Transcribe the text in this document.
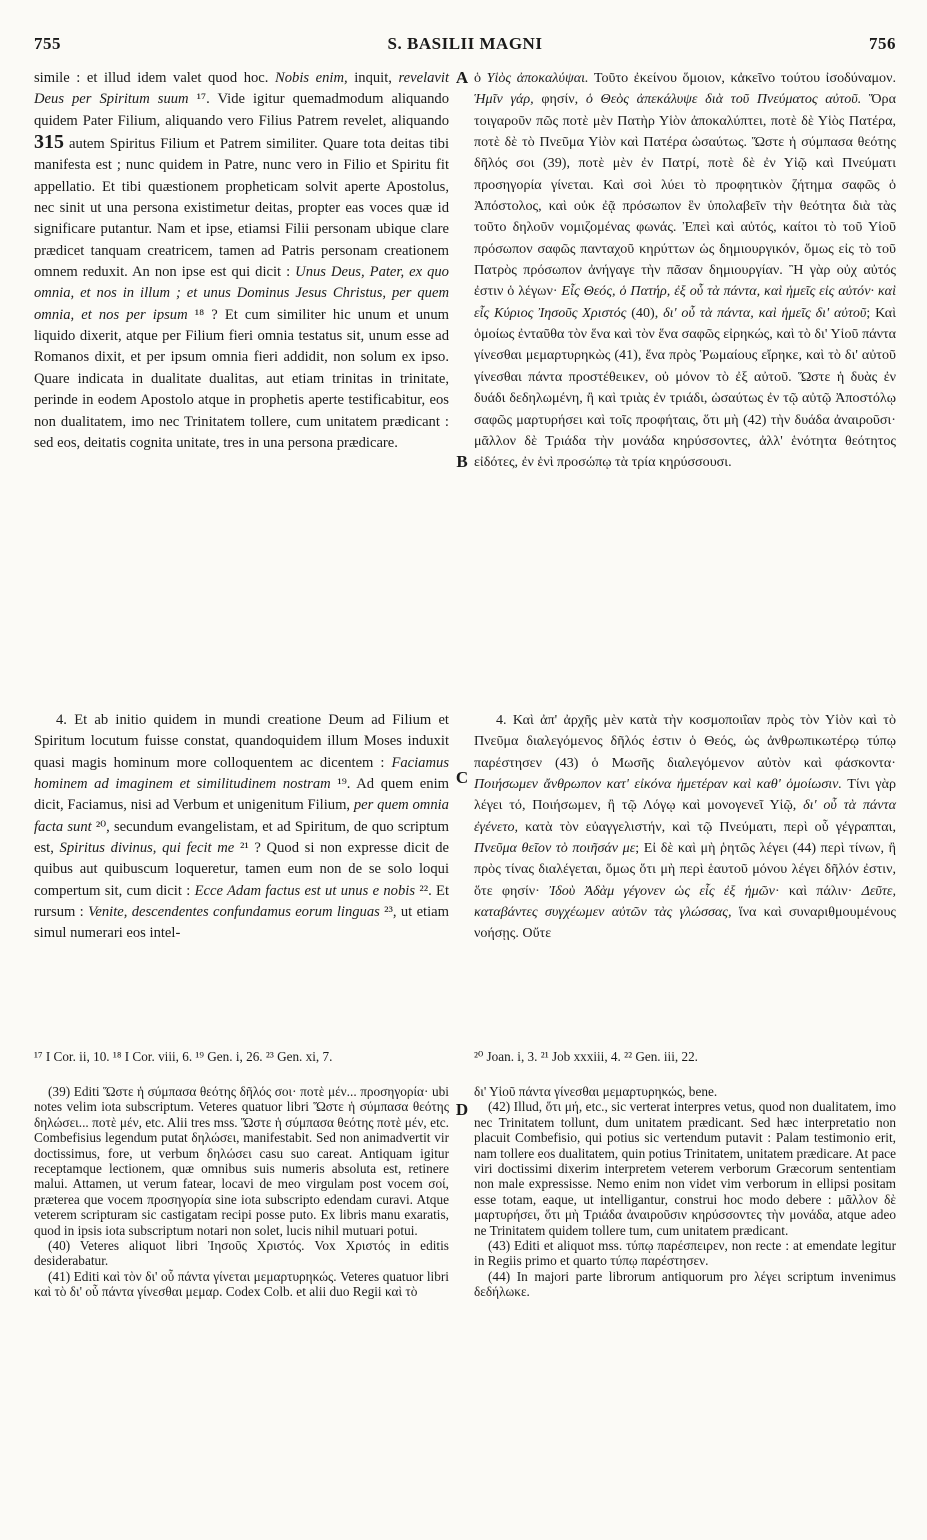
755	S. BASILII MAGNI	756
A
B
C
D

simile : et illud idem valet quod hoc. Nobis enim, inquit, revelavit Deus per Spiritum suum ¹⁷. Vide igitur quemadmodum aliquando quidem Pater Filium, aliquando vero Filius Patrem revelet, aliquando 315 autem Spiritus Filium et Patrem similiter. Quare tota deitas tibi manifesta est ; nunc quidem in Patre, nunc vero in Filio et Spiritu fit appellatio. Et tibi quæstionem propheticam solvit aperte Apostolus, nec sinit ut una persona existimetur deitas, propter eas voces quæ id significare putantur. Nam et ipse, etiamsi Filii personam ubique clare prædicet tanquam creatricem, tamen ad Patris personam creationem omnem reduxit. An non ipse est qui dicit : Unus Deus, Pater, ex quo omnia, et nos in illum ; et unus Dominus Jesus Christus, per quem omnia, et nos per ipsum ¹⁸ ? Et cum similiter hic unum et unum liquido dixerit, atque per Filium fieri omnia testatus sit, unum esse ad Romanos dixit, et per ipsum omnia fieri addidit, non solum ex ipso. Quare indicata in dualitate dualitas, aut etiam trinitas in trinitate, perinde in eodem Apostolo atque in prophetis aperte testificabitur, eos non dualitatem, imo nec Trinitatem tollere, cum unitatem prædicant : sed eos, deitatis cognita unitate, tres in una persona prædicare.

4. Et ab initio quidem in mundi creatione Deum ad Filium et Spiritum locutum fuisse constat, quandoquidem illum Moses induxit quasi magis hominum more colloquentem ac dicentem : Faciamus hominem ad imaginem et similitudinem nostram ¹⁹. Ad quem enim dicit, Faciamus, nisi ad Verbum et unigenitum Filium, per quem omnia facta sunt ²⁰, secundum evangelistam, et ad Spiritum, de quo scriptum est, Spiritus divinus, qui fecit me ²¹ ? Quod si non expresse dicit de quibus aut quibuscum loqueretur, tamen eum non de se solo loqui compertum sit, cum dicit : Ecce Adam factus est ut unus e nobis ²². Et rursum : Venite, descendentes confundamus eorum linguas ²³, ut etiam simul numerari eos intel-

¹⁷ I Cor. ii, 10. ¹⁸ I Cor. viii, 6. ¹⁹ Gen. i, 26. ²³ Gen. xi, 7.

ὁ Υἱὸς ἀποκαλύψαι. Τοῦτο ἐκείνου ὅμοιον, κἀκεῖνο τούτου ἰσοδύναμον. Ἡμῖν γάρ, φησίν, ὁ Θεὸς ἀπεκάλυψε διὰ τοῦ Πνεύματος αὐτοῦ. Ὅρα τοιγαροῦν πῶς ποτὲ μὲν Πατὴρ Υἱὸν ἀποκαλύπτει, ποτὲ δὲ Υἱὸς Πατέρα, ποτὲ δὲ τὸ Πνεῦμα Υἱὸν καὶ Πατέρα ὡσαύτως. Ὥστε ἡ σύμπασα θεότης δῆλός σοι (39), ποτὲ μὲν ἐν Πατρί, ποτὲ δὲ ἐν Υἱῷ καὶ Πνεύματι προσηγορία γίνεται. Καὶ σοὶ λύει τὸ προφητικὸν ζήτημα σαφῶς ὁ Ἀπόστολος, καὶ οὐκ ἐᾷ πρόσωπον ἓν ὑπολαβεῖν τὴν θεότητα διὰ τὰς τοῦτο δηλοῦν νομιζομένας φωνάς. Ἐπεὶ καὶ αὐτός, καίτοι τὸ τοῦ Υἱοῦ πρόσωπον σαφῶς πανταχοῦ κηρύττων ὡς δημιουργικόν, ὅμως εἰς τὸ τοῦ Πατρὸς πρόσωπον ἀνήγαγε τὴν πᾶσαν δημιουργίαν. Ἢ γὰρ οὐχ αὐτός ἐστιν ὁ λέγων· Εἷς Θεός, ὁ Πατήρ, ἐξ οὗ τὰ πάντα, καὶ ἡμεῖς εἰς αὐτόν· καὶ εἷς Κύριος Ἰησοῦς Χριστός (40), δι' οὗ τὰ πάντα, καὶ ἡμεῖς δι' αὐτοῦ; Καὶ ὁμοίως ἐνταῦθα τὸν ἕνα καὶ τὸν ἕνα σαφῶς εἰρηκώς, καὶ τὸ δι' Υἱοῦ πάντα γίνεσθαι μεμαρτυρηκὼς (41), ἕνα πρὸς Ῥωμαίους εἴρηκε, καὶ τὸ δι' αὐτοῦ γίνεσθαι πάντα προστέθεικεν, οὐ μόνον τὸ ἐξ αὐτοῦ. Ὥστε ἡ δυὰς ἐν δυάδι δεδηλωμένη, ἢ καὶ τριὰς ἐν τριάδι, ὡσαύτως ἐν τῷ αὐτῷ Ἀποστόλῳ σαφῶς μαρτυρήσει καὶ τοῖς προφήταις, ὅτι μὴ (42) τὴν δυάδα ἀναιροῦσι· μᾶλλον δὲ Τριάδα τὴν μονάδα κηρύσσοντες, ἀλλ' ἑνότητα θεότητος εἰδότες, ἐν ἑνὶ προσώπῳ τὰ τρία κηρύσσουσι.

4. Καὶ ἀπ' ἀρχῆς μὲν κατὰ τὴν κοσμοποιΐαν πρὸς τὸν Υἱὸν καὶ τὸ Πνεῦμα διαλεγόμενος δῆλός ἐστιν ὁ Θεός, ὡς ἀνθρωπικωτέρῳ τύπῳ παρέστησεν (43) ὁ Μωσῆς διαλεγόμενον αὐτὸν καὶ φάσκοντα· Ποιήσωμεν ἄνθρωπον κατ' εἰκόνα ἡμετέραν καὶ καθ' ὁμοίωσιν. Τίνι γὰρ λέγει τό, Ποιήσωμεν, ἢ τῷ Λόγῳ καὶ μονογενεῖ Υἱῷ, δι' οὗ τὰ πάντα ἐγένετο, κατὰ τὸν εὐαγγελιστήν, καὶ τῷ Πνεύματι, περὶ οὗ γέγραπται, Πνεῦμα θεῖον τὸ ποιῆσάν με; Εἰ δὲ καὶ μὴ ῥητῶς λέγει (44) περὶ τίνων, ἢ πρὸς τίνας διαλέγεται, ὅμως ὅτι μὴ περὶ ἑαυτοῦ μόνου λέγει δῆλόν ἐστιν, ὅτε φησίν· Ἰδοὺ Ἀδὰμ γέγονεν ὡς εἷς ἐξ ἡμῶν· καὶ πάλιν· Δεῦτε, καταβάντες συγχέωμεν αὐτῶν τὰς γλώσσας, ἵνα καὶ συναριθμουμένους νοήσῃς. Οὔτε

²⁰ Joan. i, 3. ²¹ Job xxxiii, 4. ²² Gen. iii, 22.

(39) Editi Ὥστε ἡ σύμπασα θεότης δῆλός σοι· ποτὲ μέν... προσηγορία· ubi notes velim iota subscriptum. Veteres quatuor libri Ὥστε ἡ σύμπασα θεότης δηλώσει... ποτὲ μέν, etc. Alii tres mss. Ὥστε ἡ σύμπασα θεότης ποτὲ μέν, etc. Combefisius legendum putat δηλώσει, manifestabit. Sed non animadvertit vir doctissimus, fore, ut verbum δηλώσει casu suo careat. Antiquam igitur receptamque lectionem, quæ omnibus suis numeris absoluta est, retinere malui. Attamen, ut verum fatear, locavi de meo virgulam post vocem σοί, præterea que vocem προσηγορία sine iota subscripto edendam curavi. Atque veterem scripturam sic castigatam recipi posse puto. Ex libris manu exaratis, quod in ipsis iota subscriptum notari non solet, lucis nihil mutuari potui.

(40) Veteres aliquot libri Ἰησοῦς Χριστός. Vox Χριστός in editis desiderabatur.

(41) Editi καὶ τὸν δι' οὗ πάντα γίνεται μεμαρτυρηκώς. Veteres quatuor libri καὶ τὸ δι' οὗ πάντα γίνεσθαι μεμαρ. Codex Colb. et alii duo Regii καὶ τὸ

δι' Υἱοῦ πάντα γίνεσθαι μεμαρτυρηκώς, bene.

(42) Illud, ὅτι μή, etc., sic verterat interpres vetus, quod non dualitatem, imo nec Trinitatem tollunt, dum unitatem prædicant. Sed hæc interpretatio non placuit Combefisio, qui potius sic vertendum putavit : Palam testimonio erit, nam tollere eos dualitatem, quin potius Trinitatem, unitatem prædicare. At pace viri doctissimi dixerim interpretem veterem verborum Græcorum sententiam non male expressisse. Nemo enim non videt vim verborum in ellipsi positam esse totam, eaque, ut intelligantur, construi hoc modo debere : μᾶλλον δὲ μαρτυρήσει, ὅτι μὴ Τριάδα ἀναιροῦσιν κηρύσσοντες τὴν μονάδα, atque adeo ne Trinitatem quidem tollere tum, cum unitatem prædicant.

(43) Editi et aliquot mss. τύπῳ παρέσπειρεν, non recte : at emendate legitur in Regiis primo et quarto τύπῳ παρέστησεν.

(44) In majori parte librorum antiquorum pro λέγει scriptum invenimus δεδήλωκε.
